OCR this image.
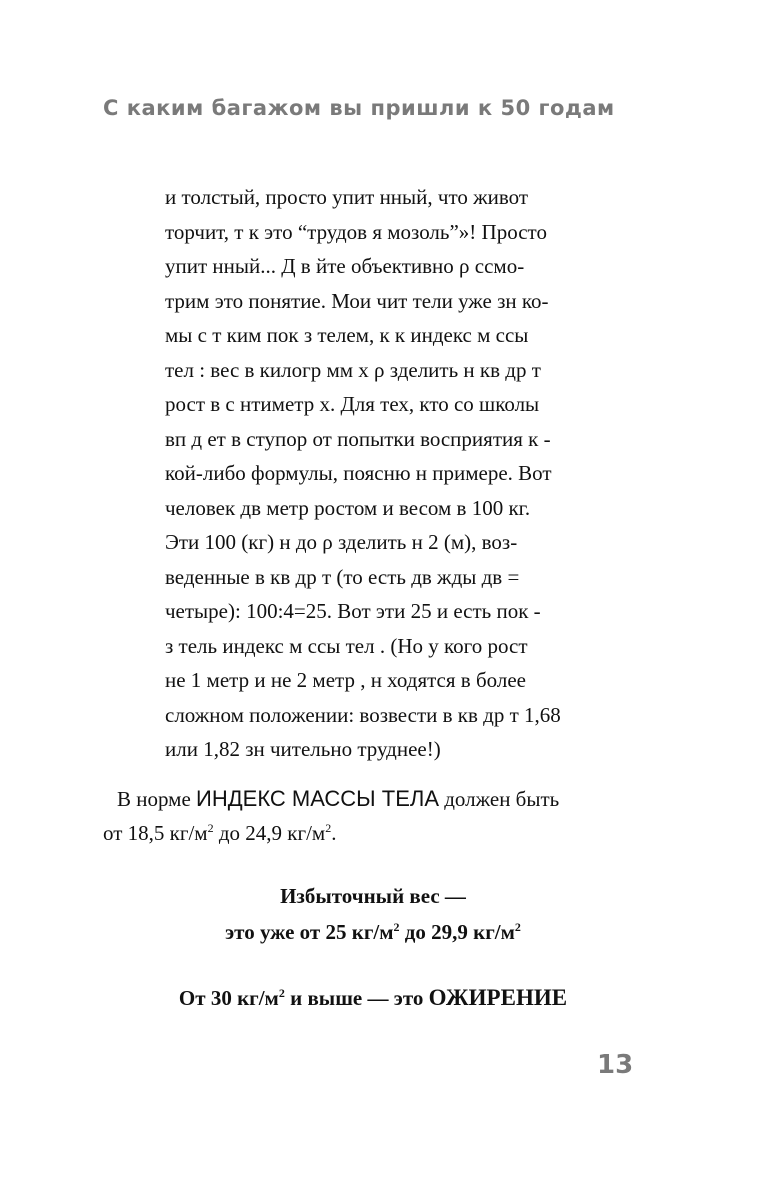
С каким багажом вы пришли к 50 годам
и толстый, просто упит нный, что живот
торчит, т к это “трудов я мозоль”»! Просто
упит нный... Д в йте объективно ρ ссмо-
трим это понятие. Мои чит тели уже зн ко-
мы с т ким пок з телем, к к индекс м ссы
тел : вес в килогр мм х ρ зделить н кв др т
рост в с нтиметр х. Для тех, кто со школы
вп д ет в ступор от попытки восприятия к -
кой-либо формулы, поясню н примере. Вот
человек дв метр ростом и весом в 100 кг.
Эти 100 (кг) н до ρ зделить н 2 (м), воз-
веденные в кв др т (то есть дв жды дв =
четыре): 100:4=25. Вот эти 25 и есть пок -
з тель индекс м ссы тел . (Но у кого рост
не 1 метр и не 2 метр , н ходятся в более
сложном положении: возвести в кв др т 1,68
или 1,82 зн чительно труднее!)
В норме ИНДЕКС МАССЫ ТЕЛА должен быть
от 18,5 $кг/м^2$ до 24,9 $кг/м^2$.
Избыточный вес —
это уже от 25 $кг/м^2$ до 29,9 $кг/м^2$
От 30 $кг/м^2$ и выше — это ОЖИРЕНИЕ
13
